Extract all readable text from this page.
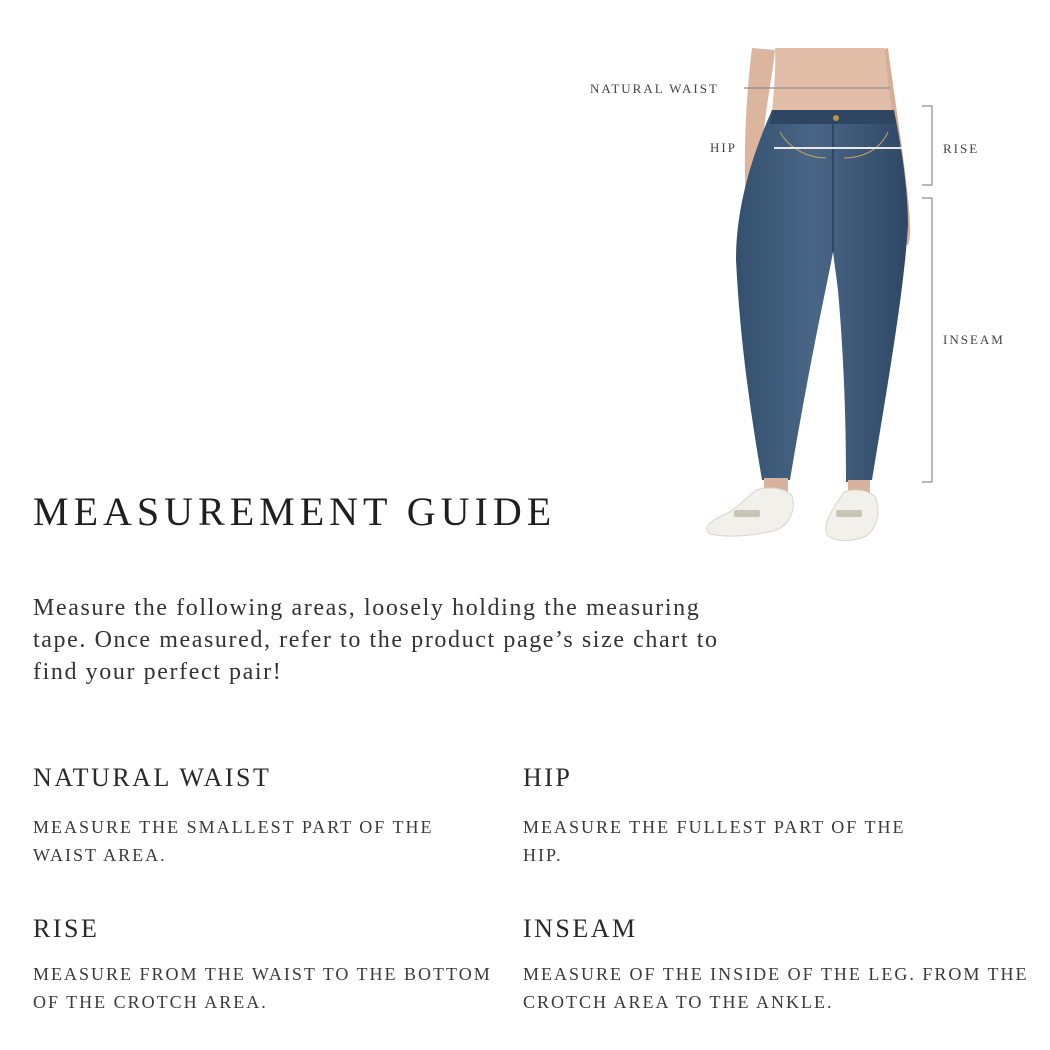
NATURAL WAIST
HIP	RISE
INSEAM
MEASUREMENT GUIDE

Measure the following areas, loosely holding the measuring tape. Once measured, refer to the product page’s size chart to find your perfect pair!

NATURAL WAIST

MEASURE THE SMALLEST PART OF THE WAIST AREA.

HIP

MEASURE THE FULLEST PART OF THE HIP.

RISE

MEASURE FROM THE WAIST TO THE BOTTOM OF THE CROTCH AREA.

INSEAM

MEASURE OF THE INSIDE OF THE LEG. FROM THE CROTCH AREA TO THE ANKLE.
